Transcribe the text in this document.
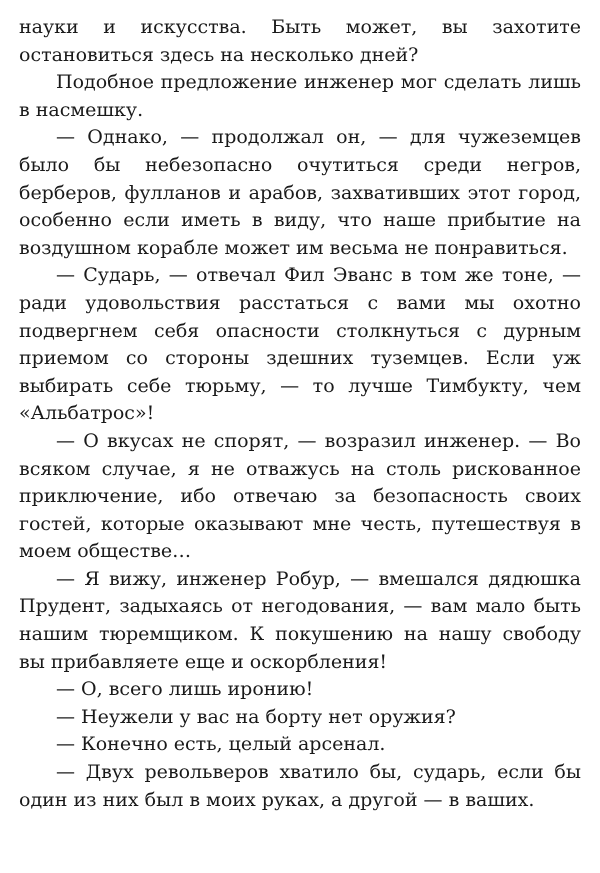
науки и искусства. Быть может, вы захотите остановиться здесь на несколько дней?

Подобное предложение инженер мог сделать лишь в насмешку.

— Однако, — продолжал он, — для чужеземцев было бы небезопасно очутиться среди негров, берберов, фулланов и арабов, захвативших этот город, особенно если иметь в виду, что наше прибытие на воздушном корабле может им весьма не понравиться.

— Сударь, — отвечал Фил Эванс в том же тоне, — ради удовольствия расстаться с вами мы охотно подвергнем себя опасности столкнуться с дурным приемом со стороны здешних туземцев. Если уж выбирать себе тюрьму, — то лучше Тимбукту, чем «Альбатрос»!

— О вкусах не спорят, — возразил инженер. — Во всяком случае, я не отважусь на столь рискованное приключение, ибо отвечаю за безопасность своих гостей, которые оказывают мне честь, путешествуя в моем обществе…

— Я вижу, инженер Робур, — вмешался дядюшка Прудент, задыхаясь от негодования, — вам мало быть нашим тюремщиком. К покушению на нашу свободу вы прибавляете еще и оскорбления!

— О, всего лишь иронию!

— Неужели у вас на борту нет оружия?

— Конечно есть, целый арсенал.

— Двух револьверов хватило бы, сударь, если бы один из них был в моих руках, а другой — в ваших.
